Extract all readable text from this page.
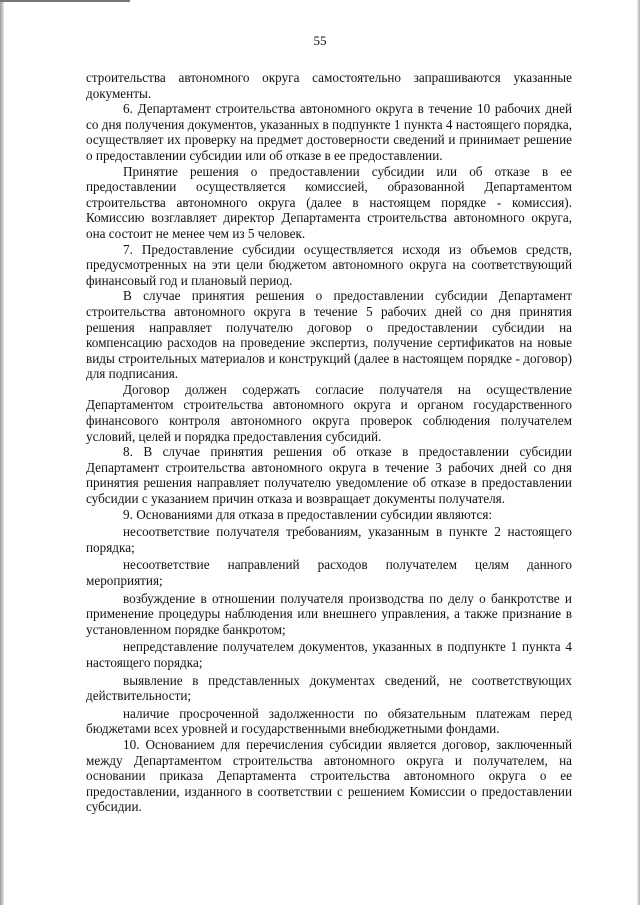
55

строительства автономного округа самостоятельно запрашиваются указанные документы.

6. Департамент строительства автономного округа в течение 10 рабочих дней со дня получения документов, указанных в подпункте 1 пункта 4 настоящего порядка, осуществляет их проверку на предмет достоверности сведений и принимает решение о предоставлении субсидии или об отказе в ее предоставлении.

Принятие решения о предоставлении субсидии или об отказе в ее предоставлении осуществляется комиссией, образованной Департаментом строительства автономного округа (далее в настоящем порядке - комиссия). Комиссию возглавляет директор Департамента строительства автономного округа, она состоит не менее чем из 5 человек.

7. Предоставление субсидии осуществляется исходя из объемов средств, предусмотренных на эти цели бюджетом автономного округа на соответствующий финансовый год и плановый период.

В случае принятия решения о предоставлении субсидии Департамент строительства автономного округа в течение 5 рабочих дней со дня принятия решения направляет получателю договор о предоставлении субсидии на компенсацию расходов на проведение экспертиз, получение сертификатов на новые виды строительных материалов и конструкций (далее в настоящем порядке - договор) для подписания.

Договор должен содержать согласие получателя на осуществление Департаментом строительства автономного округа и органом государственного финансового контроля автономного округа проверок соблюдения получателем условий, целей и порядка предоставления субсидий.

8. В случае принятия решения об отказе в предоставлении субсидии Департамент строительства автономного округа в течение 3 рабочих дней со дня принятия решения направляет получателю уведомление об отказе в предоставлении субсидии с указанием причин отказа и возвращает документы получателя.

9. Основаниями для отказа в предоставлении субсидии являются:

несоответствие получателя требованиям, указанным в пункте 2 настоящего порядка;

несоответствие направлений расходов получателем целям данного мероприятия;

возбуждение в отношении получателя производства по делу о банкротстве и применение процедуры наблюдения или внешнего управления, а также признание в установленном порядке банкротом;

непредставление получателем документов, указанных в подпункте 1 пункта 4 настоящего порядка;

выявление в представленных документах сведений, не соответствующих действительности;

наличие просроченной задолженности по обязательным платежам перед бюджетами всех уровней и государственными внебюджетными фондами.

10. Основанием для перечисления субсидии является договор, заключенный между Департаментом строительства автономного округа и получателем, на основании приказа Департамента строительства автономного округа о ее предоставлении, изданного в соответствии с решением Комиссии о предоставлении субсидии.
